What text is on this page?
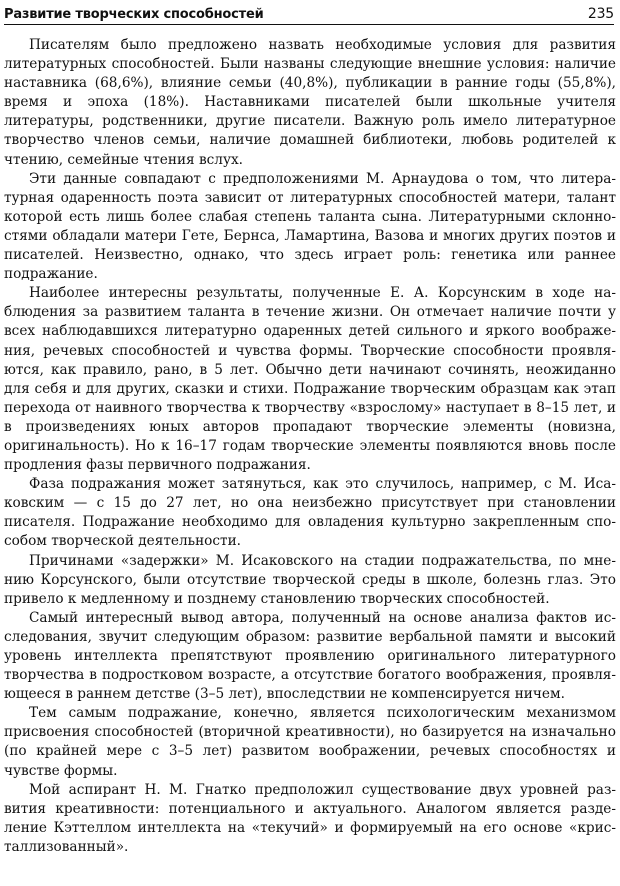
Развитие творческих способностей	235

Писателям было предложено назвать необходимые условия для развития литературных способностей. Были названы следующие внешние условия: наличие наставника (68,6%), влияние семьи (40,8%), публикации в ранние годы (55,8%), время и эпоха (18%). Наставниками писателей были школьные учителя литературы, родственники, другие писатели. Важную роль имело литературное творчество членов семьи, наличие домашней библиотеки, любовь родителей к чтению, семейные чтения вслух.

Эти данные совпадают с предположениями М. Арнаудова о том, что литературная одаренность поэта зависит от литературных способностей матери, талант которой есть лишь более слабая степень таланта сына. Литературными склонностями обладали матери Гете, Бернса, Ламартина, Вазова и многих других поэтов и писателей. Неизвестно, однако, что здесь играет роль: генетика или раннее подражание.

Наиболее интересны результаты, полученные Е. А. Корсунским в ходе наблюдения за развитием таланта в течение жизни. Он отмечает наличие почти у всех наблюдавшихся литературно одаренных детей сильного и яркого воображения, речевых способностей и чувства формы. Творческие способности проявляются, как правило, рано, в 5 лет. Обычно дети начинают сочинять, неожиданно для себя и для других, сказки и стихи. Подражание творческим образцам как этап перехода от наивного творчества к творчеству «взрослому» наступает в 8–15 лет, и в произведениях юных авторов пропадают творческие элементы (новизна, оригинальность). Но к 16–17 годам творческие элементы появляются вновь после продления фазы первичного подражания.

Фаза подражания может затянуться, как это случилось, например, с М. Исаковским — с 15 до 27 лет, но она неизбежно присутствует при становлении писателя. Подражание необходимо для овладения культурно закрепленным способом творческой деятельности.

Причинами «задержки» М. Исаковского на стадии подражательства, по мнению Корсунского, были отсутствие творческой среды в школе, болезнь глаз. Это привело к медленному и позднему становлению творческих способностей.

Самый интересный вывод автора, полученный на основе анализа фактов исследования, звучит следующим образом: развитие вербальной памяти и высокий уровень интеллекта препятствуют проявлению оригинального литературного творчества в подростковом возрасте, а отсутствие богатого воображения, проявляющееся в раннем детстве (3–5 лет), впоследствии не компенсируется ничем.

Тем самым подражание, конечно, является психологическим механизмом присвоения способностей (вторичной креативности), но базируется на изначально (по крайней мере с 3–5 лет) развитом воображении, речевых способностях и чувстве формы.

Мой аспирант Н. М. Гнатко предположил существование двух уровней развития креативности: потенциального и актуального. Аналогом является разделение Кэттеллом интеллекта на «текучий» и формируемый на его основе «кристаллизованный».
